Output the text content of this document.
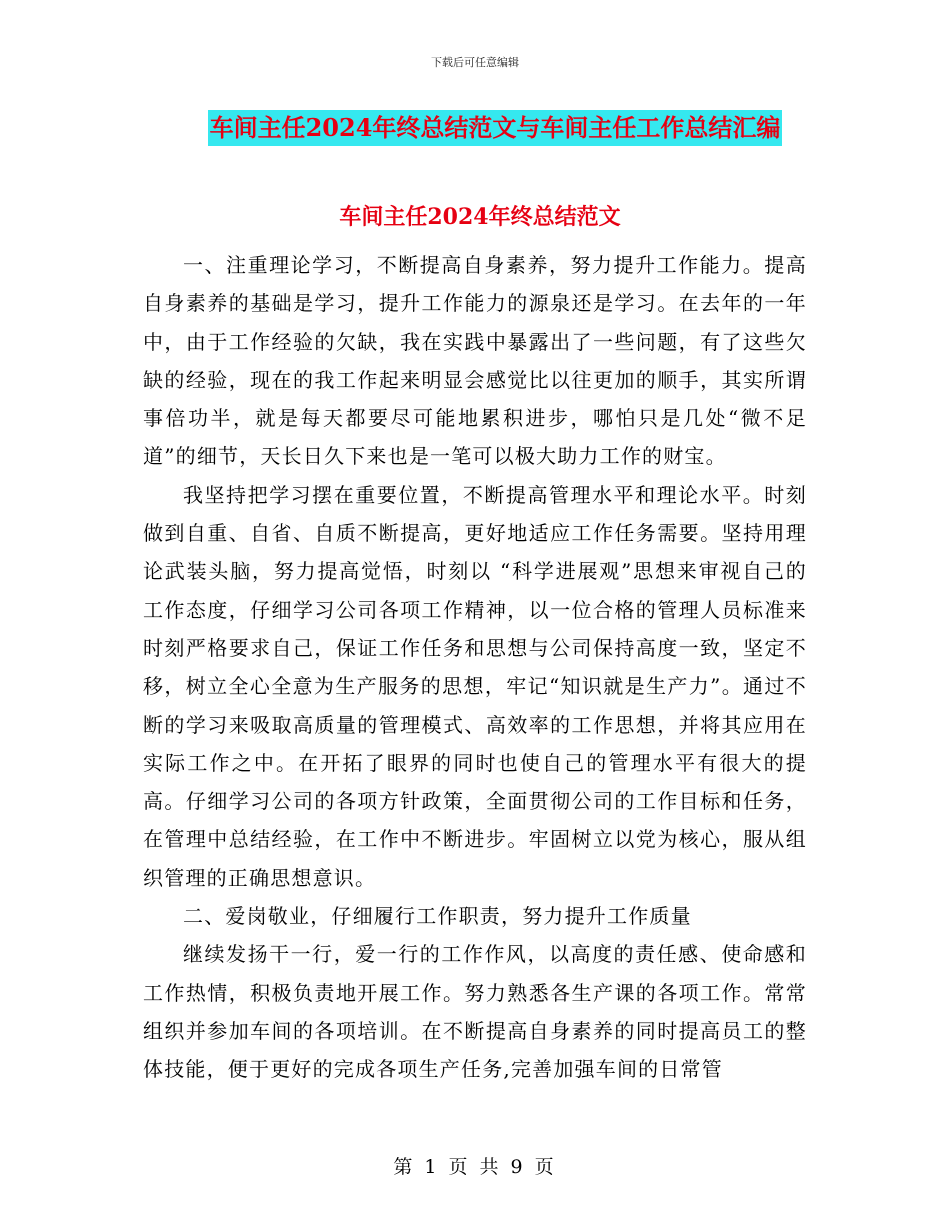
下载后可任意编辑
车间主任2024年终总结范文与车间主任工作总结汇编
车间主任2024年终总结范文

一、注重理论学习，不断提高自身素养，努力提升工作能力。提高自身素养的基础是学习，提升工作能力的源泉还是学习。在去年的一年中，由于工作经验的欠缺，我在实践中暴露出了一些问题，有了这些欠缺的经验，现在的我工作起来明显会感觉比以往更加的顺手，其实所谓事倍功半，就是每天都要尽可能地累积进步，哪怕只是几处“微不足道”的细节，天长日久下来也是一笔可以极大助力工作的财宝。

我坚持把学习摆在重要位置，不断提高管理水平和理论水平。时刻做到自重、自省、自质不断提高，更好地适应工作任务需要。坚持用理论武装头脑，努力提高觉悟，时刻以 “科学进展观”思想来审视自己的工作态度，仔细学习公司各项工作精神，以一位合格的管理人员标准来时刻严格要求自己，保证工作任务和思想与公司保持高度一致，坚定不移，树立全心全意为生产服务的思想，牢记“知识就是生产力”。通过不断的学习来吸取高质量的管理模式、高效率的工作思想，并将其应用在实际工作之中。在开拓了眼界的同时也使自己的管理水平有很大的提高。仔细学习公司的各项方针政策，全面贯彻公司的工作目标和任务，在管理中总结经验，在工作中不断进步。牢固树立以党为核心，服从组织管理的正确思想意识。

二、爱岗敬业，仔细履行工作职责，努力提升工作质量

继续发扬干一行，爱一行的工作作风，以高度的责任感、使命感和工作热情，积极负责地开展工作。努力熟悉各生产课的各项工作。常常组织并参加车间的各项培训。在不断提高自身素养的同时提高员工的整体技能，便于更好的完成各项生产任务,完善加强车间的日常管

第 1 页 共 9 页
